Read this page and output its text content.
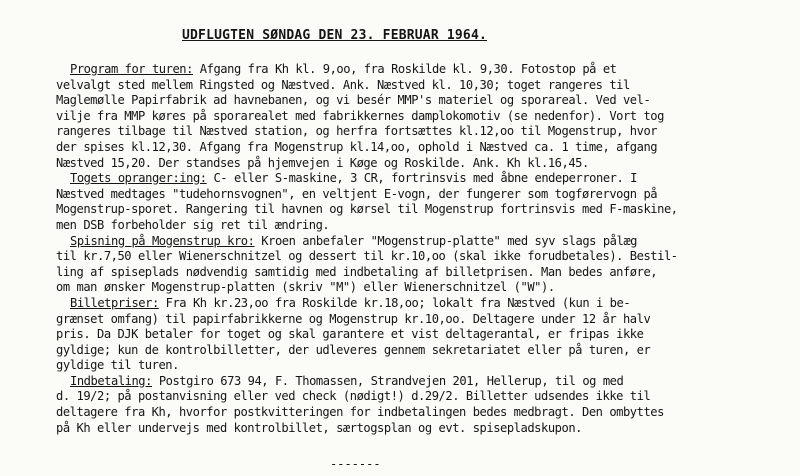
UDFLUGTEN SØNDAG DEN 23. FEBRUAR 1964.
Program for turen: Afgang fra Kh kl. 9,oo, fra Roskilde kl. 9,30. Fotostop på et
velvalgt sted mellem Ringsted og Næstved. Ank. Næstved kl. 10,30; toget rangeres til
Maglemølle Papirfabrik ad havnebanen, og vi besér MMP's materiel og sporareal. Ved vel-
vilje fra MMP køres på sporarealet med fabrikkernes damplokomotiv (se nedenfor). Vort tog
rangeres tilbage til Næstved station, og herfra fortsættes kl.12,oo til Mogenstrup, hvor
der spises kl.12,30. Afgang fra Mogenstrup kl.14,oo, ophold i Næstved ca. 1 time, afgang
Næstved 15,20. Der standses på hjemvejen i Køge og Roskilde. Ank. Kh kl.16,45.
Togets opranger:ing: C- eller S-maskine, 3 CR, fortrinsvis med åbne endeperroner. I
Næstved medtages "tudehornsvognen", en veltjent E-vogn, der fungerer som togførervogn på
Mogenstrup-sporet. Rangering til havnen og kørsel til Mogenstrup fortrinsvis med F-maskine,
men DSB forbeholder sig ret til ændring.
Spisning på Mogenstrup kro: Kroen anbefaler "Mogenstrup-platte" med syv slags pålæg
til kr.7,50 eller Wienerschnitzel og dessert til kr.10,oo (skal ikke forudbetales). Bestil-
ling af spiseplads nødvendig samtidig med indbetaling af billetprisen. Man bedes anføre,
om man ønsker Mogenstrup-platten (skriv "M") eller Wienerschnitzel ("W").
Billetpriser: Fra Kh kr.23,oo fra Roskilde kr.18,oo; lokalt fra Næstved (kun i be-
grænset omfang) til papirfabrikkerne og Mogenstrup kr.10,oo. Deltagere under 12 år halv
pris. Da DJK betaler for toget og skal garantere et vist deltagerantal, er fripas ikke
gyldige; kun de kontrolbilletter, der udleveres gennem sekretariatet eller på turen, er
gyldige til turen.
Indbetaling: Postgiro 673 94, F. Thomassen, Strandvejen 201, Hellerup, til og med
d. 19/2; på postanvisning eller ved check (nødigt!) d.29/2. Billetter udsendes ikke til
deltagere fra Kh, hvorfor postkvitteringen for indbetalingen bedes medbragt. Den ombyttes
på Kh eller undervejs med kontrolbillet, særtogsplan og evt. spisepladskupon.
-------
